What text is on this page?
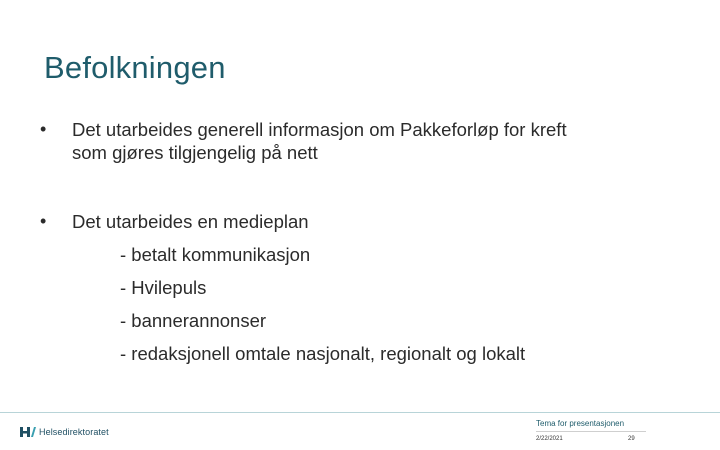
Befolkningen
• Det utarbeides generell informasjon om Pakkeforløp for kreft
som gjøres tilgjengelig på nett
• Det utarbeides en medieplan
- betalt kommunikasjon
- Hvilepuls
- bannerannonser
- redaksjonell omtale nasjonalt, regionalt og lokalt
Helsedirektoratet
Tema for presentasjonen
2/22/2021	29
